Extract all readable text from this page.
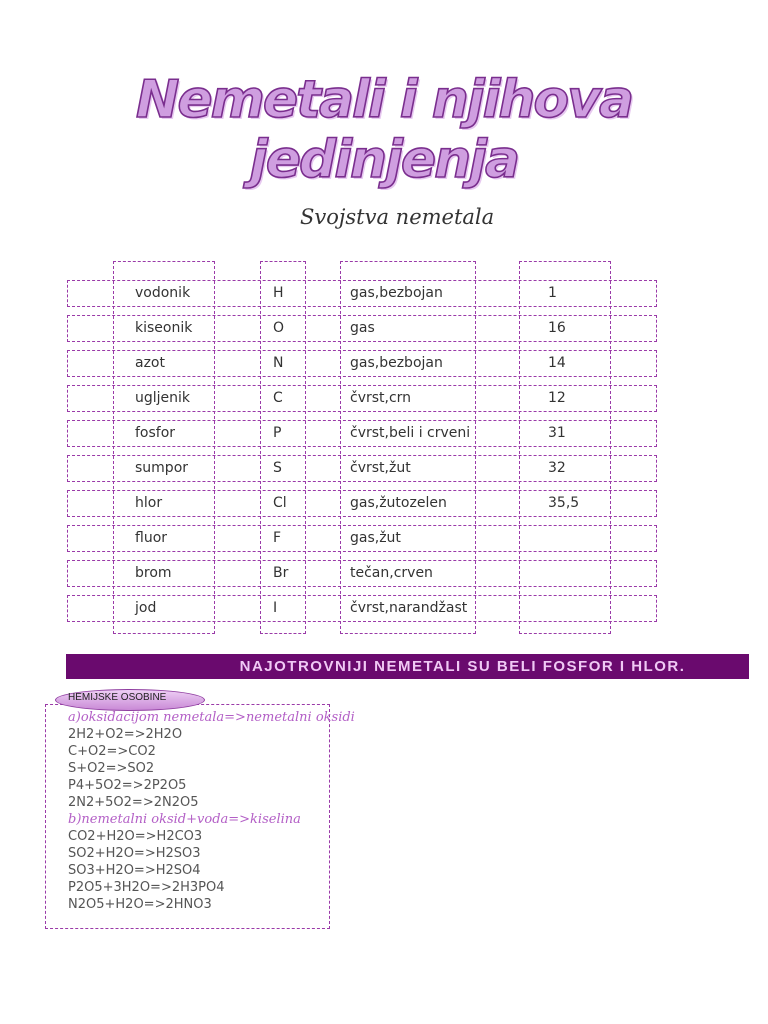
Nemetali i njihova jedinjenja
Svojstva nemetala
vodonik	H	gas,bezbojan	1
kiseonik	O	gas	16
azot	N	gas,bezbojan	14
ugljenik	C	čvrst,crn	12
fosfor	P	čvrst,beli i crveni	31
sumpor	S	čvrst,žut	32
hlor	Cl	gas,žutozelen	35,5
fluor	F	gas,žut
brom	Br	tečan,crven
jod	I	čvrst,narandžast
NAJOTROVNIJI NEMETALI SU BELI FOSFOR I HLOR.
HEMIJSKE OSOBINE
a)oksidacijom nemetala=>nemetalni oksidi
2H2+O2=>2H2O
C+O2=>CO2
S+O2=>SO2
P4+5O2=>2P2O5
2N2+5O2=>2N2O5
b)nemetalni oksid+voda=>kiselina
CO2+H2O=>H2CO3
SO2+H2O=>H2SO3
SO3+H2O=>H2SO4
P2O5+3H2O=>2H3PO4
N2O5+H2O=>2HNO3
